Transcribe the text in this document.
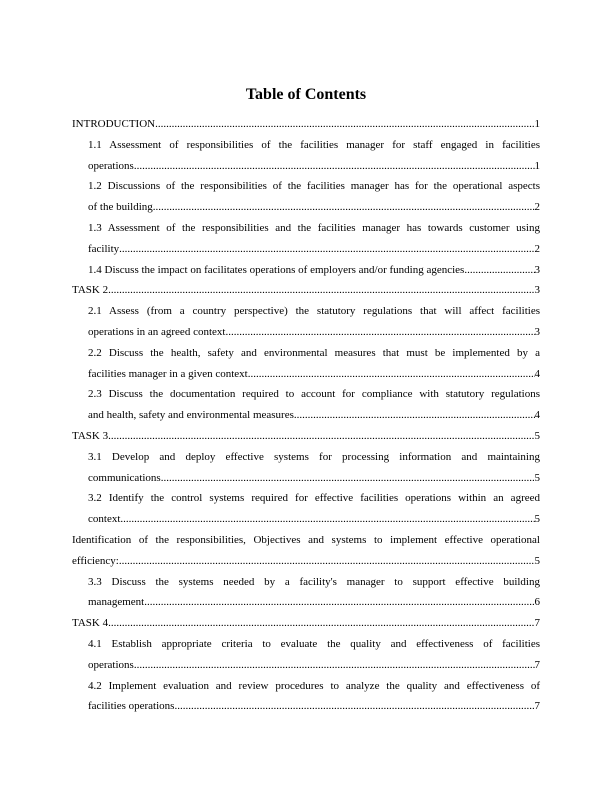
Table of Contents
INTRODUCTION .....	1
1.1 Assessment of responsibilities of the facilities manager for staff engaged in facilities
operations .....	1
1.2 Discussions of the responsibilities of the facilities manager has for the operational aspects
of the building .....	2
1.3 Assessment of the responsibilities and the facilities manager has towards customer using
facility .....	2
1.4 Discuss the impact on facilitates operations of employers and/or funding agencies .....	3
TASK 2 .....	3
2.1 Assess (from a country perspective) the statutory regulations that will affect facilities
operations in an agreed context .....	3
2.2 Discuss the health, safety and environmental measures that must be implemented by a
facilities manager in a given context .....	4
2.3 Discuss the documentation required to account for compliance with statutory regulations
and health, safety and environmental measures .....	4
TASK 3 .....	5
3.1 Develop and deploy effective systems for processing information and maintaining
communications .....	5
3.2 Identify the control systems required for effective facilities operations within an agreed
context .....	5
Identification of the responsibilities, Objectives and systems to implement effective operational
efficiency: .....	5
3.3 Discuss the systems needed by a facility's manager to support effective building
management .....	6
TASK 4 .....	7
4.1 Establish appropriate criteria to evaluate the quality and effectiveness of facilities
operations .....	7
4.2 Implement evaluation and review procedures to analyze the quality and effectiveness of
facilities operations .....	7
